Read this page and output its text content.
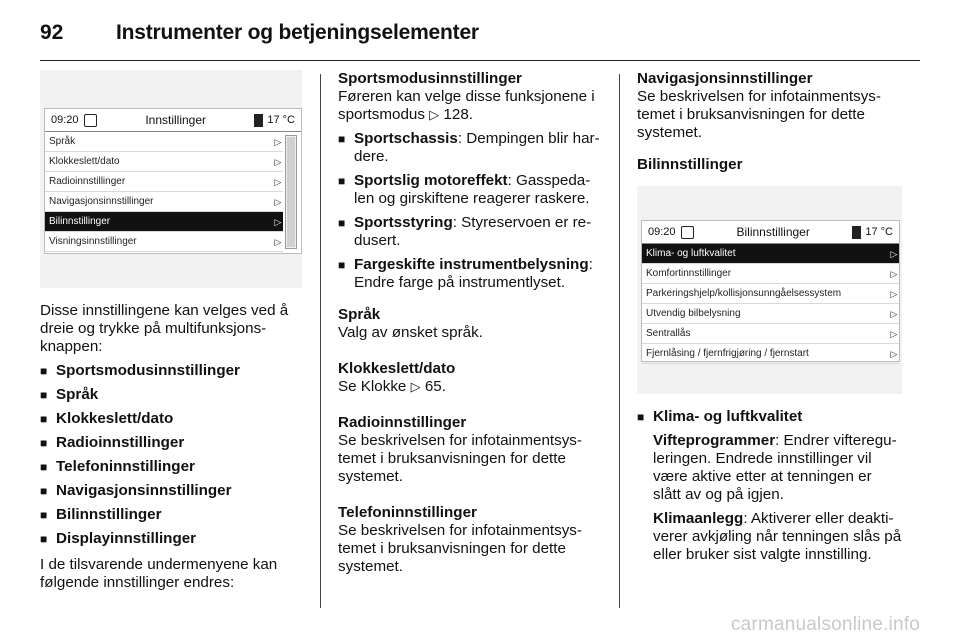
92	Instrumenter og betjeningselementer
09:20	Innstillinger	17 °C
Språk	▷
Klokkeslett/dato	▷
Radioinnstillinger	▷
Navigasjonsinnstillinger	▷
Bilinnstillinger	▷
Visningsinnstillinger	▷

Disse innstillingene kan velges ved å dreie og trykke på multifunksjons-knappen:

■ Sportsmodusinnstillinger
■ Språk
■ Klokkeslett/dato
■ Radioinnstillinger
■ Telefoninnstillinger
■ Navigasjonsinnstillinger
■ Bilinnstillinger
■ Displayinnstillinger

I de tilsvarende undermenyene kan følgende innstillinger endres:

Sportsmodusinnstillinger

Føreren kan velge disse funksjonene i sportsmodus ▷ 128.

■ Sportschassis: Dempingen blir har-dere.
■ Sportslig motoreffekt: Gasspeda-len og girskiftene reagerer raskere.
■ Sportsstyring: Styreservoen er re-dusert.
■ Fargeskifte instrumentbelysning: Endre farge på instrumentlyset.
Språk

Valg av ønsket språk.

Klokkeslett/dato

Se Klokke ▷ 65.

Radioinnstillinger

Se beskrivelsen for infotainmentsys-temet i bruksanvisningen for dette systemet.

Telefoninnstillinger

Se beskrivelsen for infotainmentsys-temet i bruksanvisningen for dette systemet.

Navigasjonsinnstillinger

Se beskrivelsen for infotainmentsys-temet i bruksanvisningen for dette systemet.

Bilinnstillinger
09:20	Bilinnstillinger	17 °C
Klima- og luftkvalitet	▷
Komfortinnstillinger	▷
Parkeringshjelp/kollisjonsunngåelsessystem	▷
Utvendig bilbelysning	▷
Sentrallås	▷
Fjernlåsing / fjernfrigjøring / fjernstart	▷
■ Klima- og luftkvalitet

Vifteprogrammer: Endrer vifteregu-leringen. Endrede innstillinger vil være aktive etter at tenningen er slått av og på igjen.

Klimaanlegg: Aktiverer eller deakti-verer avkjøling når tenningen slås på eller bruker sist valgte innstilling.

carmanualsonline.info
